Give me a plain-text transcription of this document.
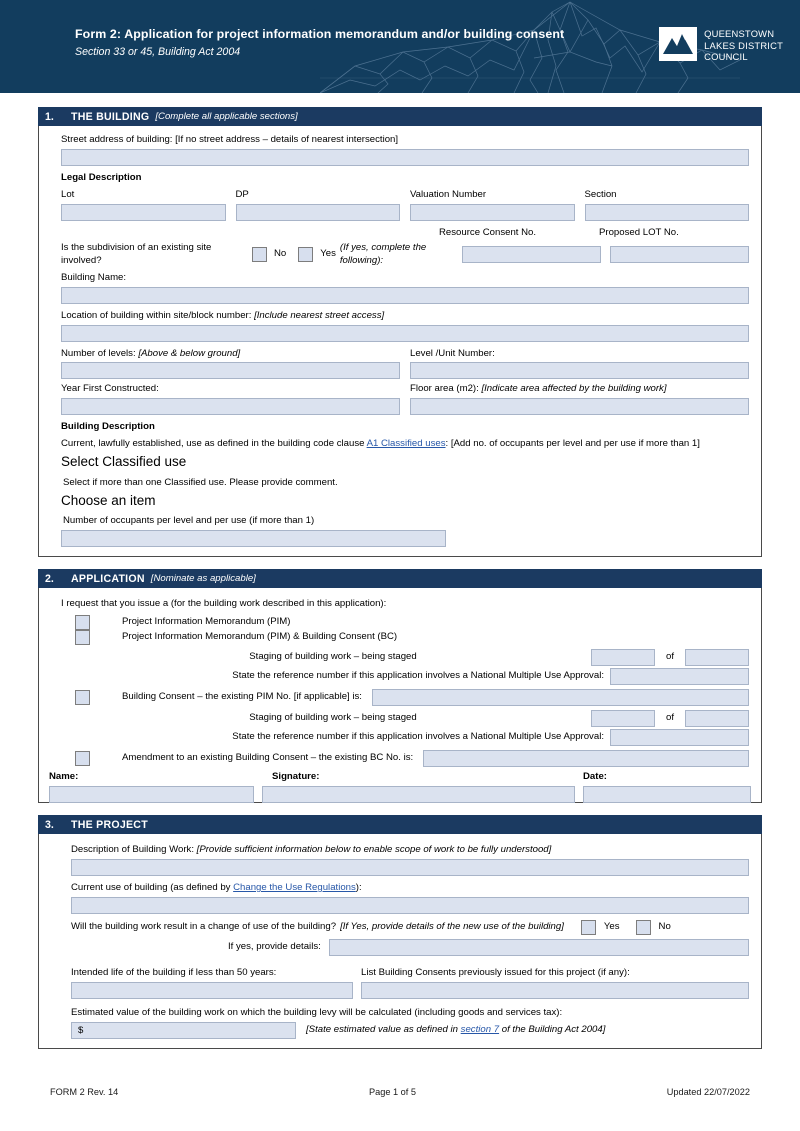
Form 2: Application for project information memorandum and/or building consent
Section 33 or 45, Building Act 2004
QUEENSTOWN
LAKES DISTRICT
COUNCIL
1.	THE BUILDING [Complete all applicable sections]
Street address of building: [If no street address – details of nearest intersection]
Legal Description
Lot	DP	Valuation Number	Section
Resource Consent No.	Proposed LOT No.
Is the subdivision of an existing site involved?
No	Yes
(If yes, complete the following):
Building Name:
Location of building within site/block number: [Include nearest street access]
Number of levels: [Above & below ground]	Level /Unit Number:
Year First Constructed:	Floor area (m2): [Indicate area affected by the building work]
Building Description
Current, lawfully established, use as defined in the building code clause A1 Classified uses: [Add no. of occupants per level and per use if more than 1]
Select Classified use
Select if more than one Classified use. Please provide comment.
Choose an item
Number of occupants per level and per use (if more than 1)
2.	APPLICATION [Nominate as applicable]
I request that you issue a (for the building work described in this application):
Project Information Memorandum (PIM)
Project Information Memorandum (PIM) & Building Consent (BC)
Staging of building work – being staged	of
State the reference number if this application involves a National Multiple Use Approval:
Building Consent – the existing PIM No. [if applicable] is:
Staging of building work – being staged	of
State the reference number if this application involves a National Multiple Use Approval:
Amendment to an existing Building Consent – the existing BC No. is:
Name:	Signature:	Date:
3.	THE PROJECT
Description of Building Work: [Provide sufficient information below to enable scope of work to be fully understood]
Current use of building (as defined by Change the Use Regulations):
Will the building work result in a change of use of the building? [If Yes, provide details of the new use of the building]	Yes	No
If yes, provide details:
Intended life of the building if less than 50 years:	List Building Consents previously issued for this project (if any):
Estimated value of the building work on which the building levy will be calculated (including goods and services tax):
$	[State estimated value as defined in section 7 of the Building Act 2004]
FORM 2 Rev. 14	Page 1 of 5	Updated 22/07/2022
